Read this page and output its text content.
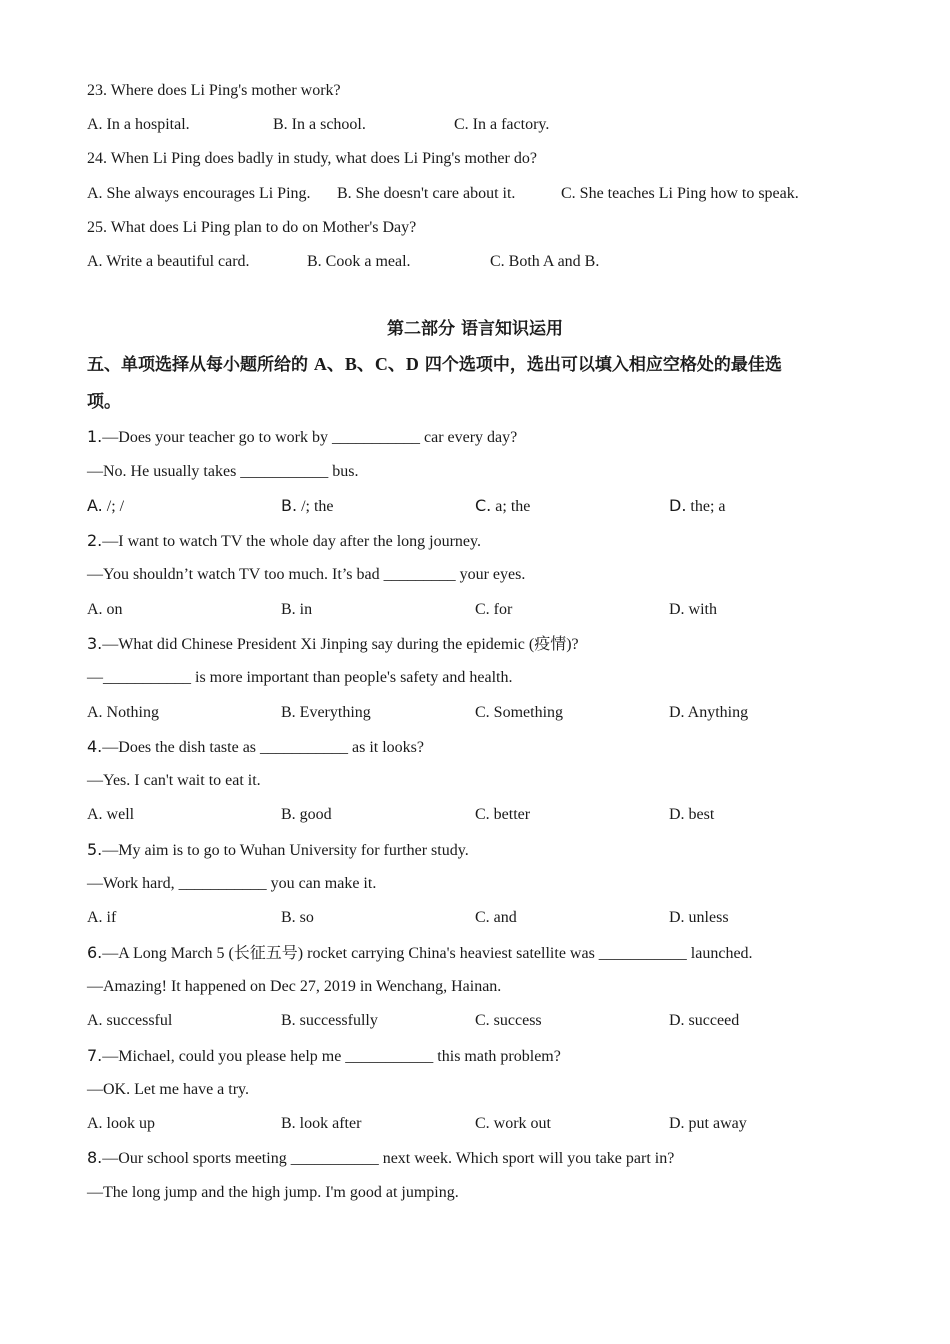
23. Where does Li Ping's mother work?
A. In a hospital.	B. In a school.	C. In a factory.
24. When Li Ping does badly in study, what does Li Ping's mother do?
A. She always encourages Li Ping. B. She doesn't care about it.	C. She teaches Li Ping how to speak.
25. What does Li Ping plan to do on Mother's Day?
A. Write a beautiful card.	B. Cook a meal.	C. Both A and B.
第二部分 语言知识运用
五、单项选择从每小题所给的 A、B、C、D 四个选项中，选出可以填入相应空格处的最佳选
项。
1.—Does your teacher go to work by ___________ car every day?
—No. He usually takes ___________ bus.
A. /; /	B. /; the	C. a; the	D. the; a
2.—I want to watch TV the whole day after the long journey.
—You shouldn’t watch TV too much. It’s bad _________ your eyes.
A. on	B. in	C. for	D. with
3.—What did Chinese President Xi Jinping say during the epidemic (疫情)?
—___________ is more important than people's safety and health.
A. Nothing	B. Everything	C. Something	D. Anything
4.—Does the dish taste as ___________ as it looks?
—Yes. I can't wait to eat it.
A. well	B. good	C. better	D. best
5.—My aim is to go to Wuhan University for further study.
—Work hard, ___________ you can make it.
A. if	B. so	C. and	D. unless
6.—A Long March 5 (长征五号) rocket carrying China's heaviest satellite was ___________ launched.
—Amazing! It happened on Dec 27, 2019 in Wenchang, Hainan.
A. successful	B. successfully	C. success	D. succeed
7.—Michael, could you please help me ___________ this math problem?
—OK. Let me have a try.
A. look up	B. look after	C. work out	D. put away
8.—Our school sports meeting ___________ next week. Which sport will you take part in?
—The long jump and the high jump. I'm good at jumping.
